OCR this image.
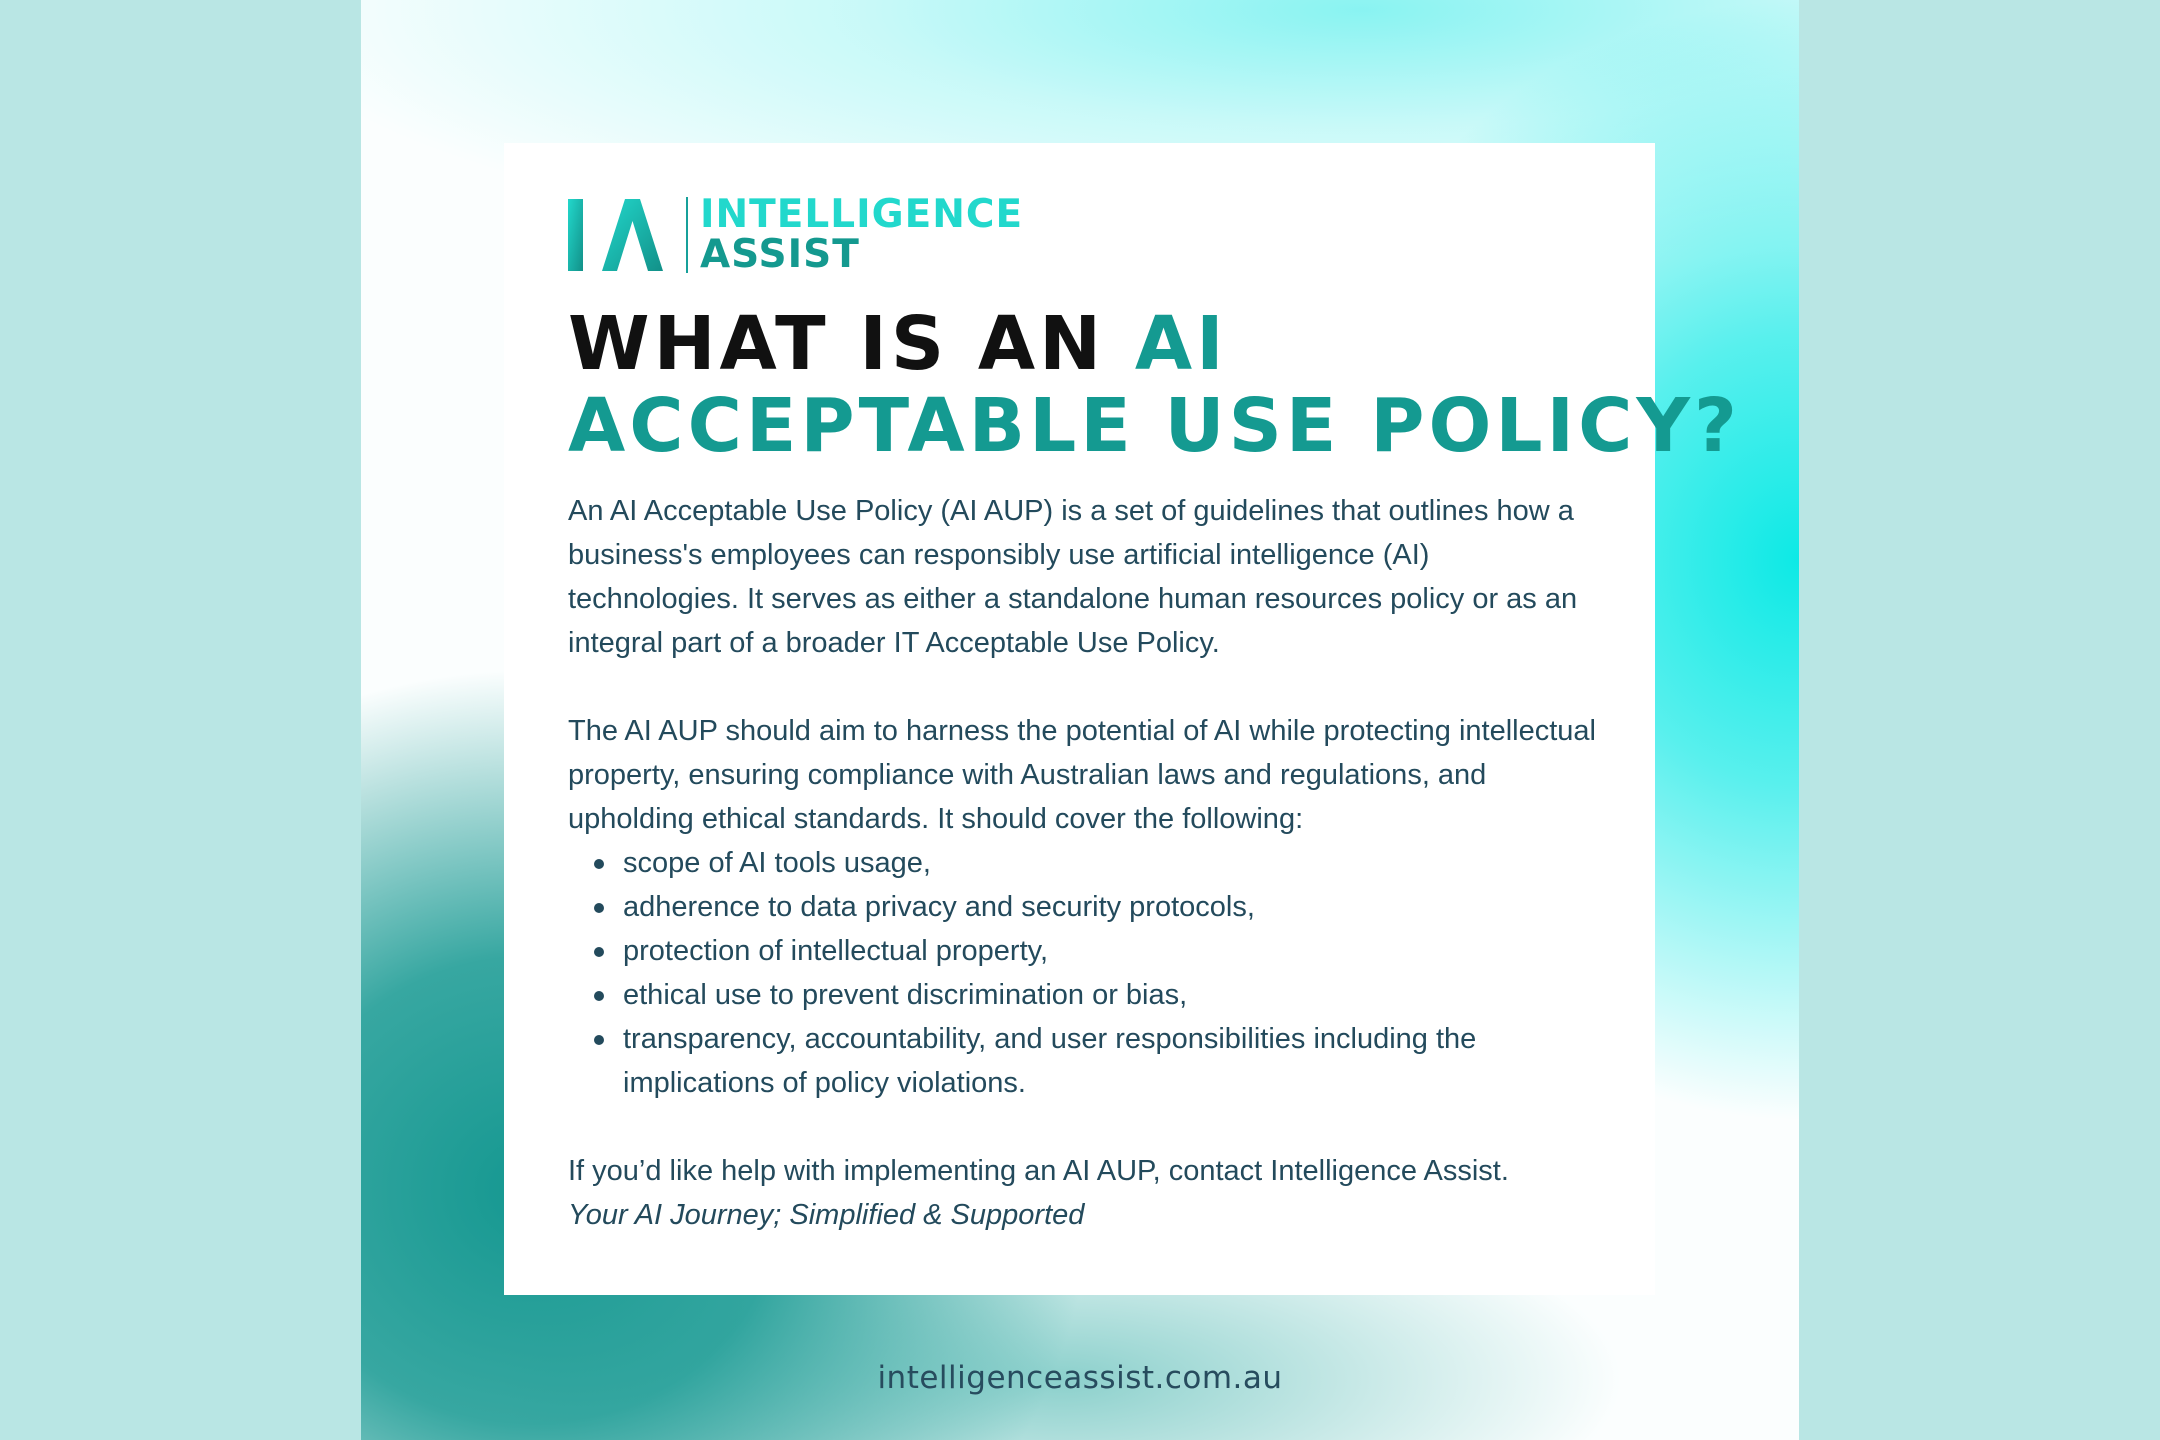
INTELLIGENCE
ASSIST
WHAT IS AN AI
ACCEPTABLE USE POLICY?

An AI Acceptable Use Policy (AI AUP) is a set of guidelines that outlines how a business's employees can responsibly use artificial intelligence (AI) technologies. It serves as either a standalone human resources policy or as an integral part of a broader IT Acceptable Use Policy.

The AI AUP should aim to harness the potential of AI while protecting intellectual property, ensuring compliance with Australian laws and regulations, and upholding ethical standards. It should cover the following:

scope of AI tools usage,
adherence to data privacy and security protocols,
protection of intellectual property,
ethical use to prevent discrimination or bias,
transparency, accountability, and user responsibilities including the implications of policy violations.

If you’d like help with implementing an AI AUP, contact Intelligence Assist.

Your AI Journey; Simplified & Supported

intelligenceassist.com.au
